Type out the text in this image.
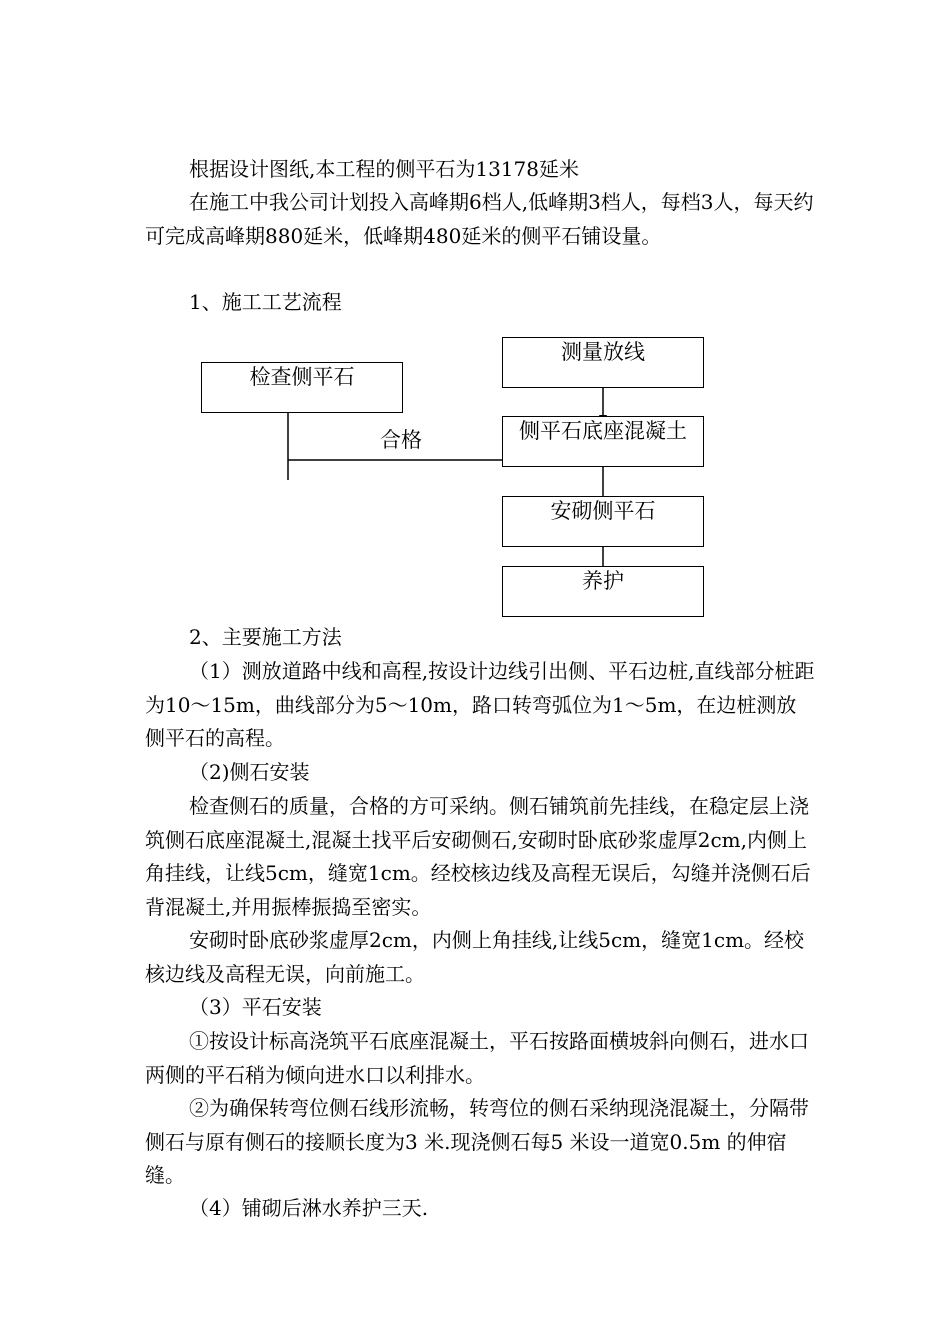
根据设计图纸,本工程的侧平石为13178延米

在施工中我公司计划投入高峰期6档人,低峰期3档人，每档3人，每天约可完成高峰期880延米，低峰期480延米的侧平石铺设量。

1、施工工艺流程

检查侧平石
测量放线
侧平石底座混凝土
安砌侧平石
养护
合格

2、主要施工方法

（1）测放道路中线和高程,按设计边线引出侧、平石边桩,直线部分桩距为10～15m，曲线部分为5～10m，路口转弯弧位为1～5m，在边桩测放侧平石的高程。

（2)侧石安装

检查侧石的质量，合格的方可采纳。侧石铺筑前先挂线，在稳定层上浇筑侧石底座混凝土,混凝土找平后安砌侧石,安砌时卧底砂浆虚厚2cm,内侧上角挂线，让线5cm，缝宽1cm。经校核边线及高程无误后，勾缝并浇侧石后背混凝土,并用振棒振捣至密实。

安砌时卧底砂浆虚厚2cm，内侧上角挂线,让线5cm，缝宽1cm。经校核边线及高程无误，向前施工。

（3）平石安装

①按设计标高浇筑平石底座混凝土，平石按路面横坡斜向侧石，进水口两侧的平石稍为倾向进水口以利排水。

②为确保转弯位侧石线形流畅，转弯位的侧石采纳现浇混凝土，分隔带侧石与原有侧石的接顺长度为3 米.现浇侧石每5 米设一道宽0.5m 的伸宿缝。

（4）铺砌后淋水养护三天.
